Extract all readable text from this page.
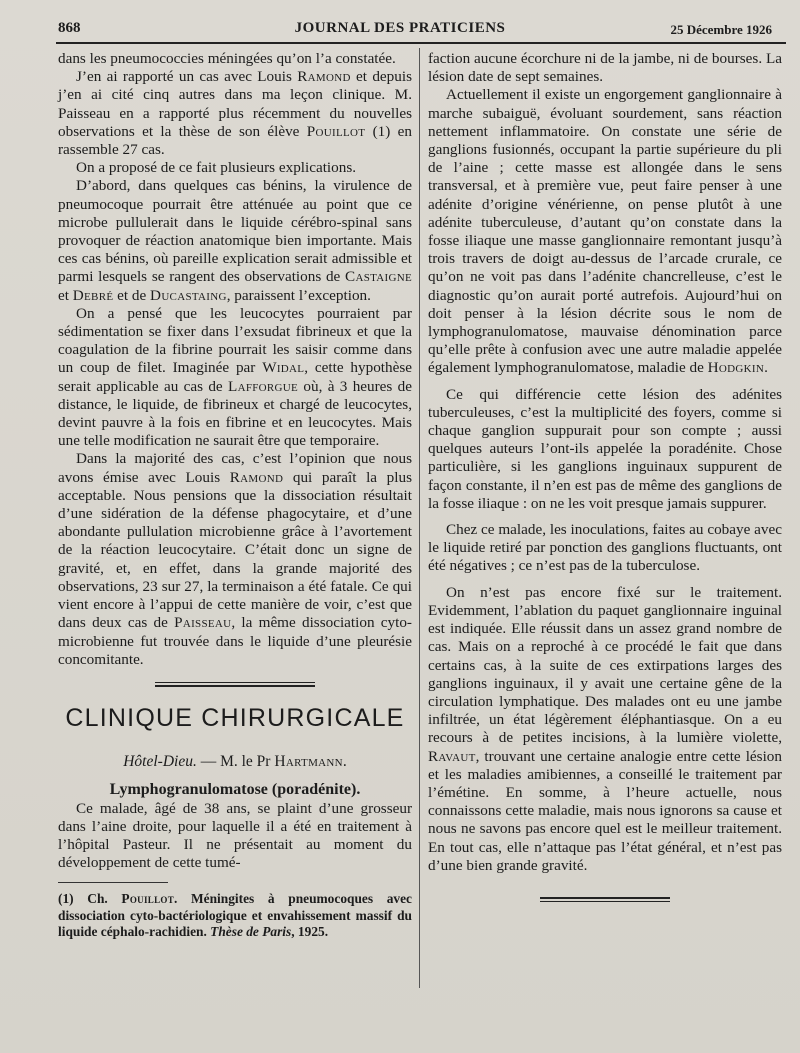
868	JOURNAL DES PRATICIENS	25 Décembre 1926

dans les pneumococcies méningées qu’on l’a constatée.

J’en ai rapporté un cas avec Louis Ramond et depuis j’en ai cité cinq autres dans ma leçon clinique. M. Paisseau en a rapporté plus récemment du nouvelles observations et la thèse de son élève Pouillot (1) en rassemble 27 cas.

On a proposé de ce fait plusieurs explications.

D’abord, dans quelques cas bénins, la virulence de pneumocoque pourrait être atténuée au point que ce microbe pullulerait dans le liquide cérébro-spinal sans provoquer de réaction anatomique bien importante. Mais ces cas bénins, où pareille explication serait admissible et parmi lesquels se rangent des observations de Castaigne et Debré et de Ducastaing, paraissent l’exception.

On a pensé que les leucocytes pourraient par sédimentation se fixer dans l’exsudat fibrineux et que la coagulation de la fibrine pourrait les saisir comme dans un coup de filet. Imaginée par Widal, cette hypothèse serait applicable au cas de Lafforgue où, à 3 heures de distance, le liquide, de fibrineux et chargé de leucocytes, devint pauvre à la fois en fibrine et en leucocytes. Mais une telle modification ne saurait être que temporaire.

Dans la majorité des cas, c’est l’opinion que nous avons émise avec Louis Ramond qui paraît la plus acceptable. Nous pensions que la dissociation résultait d’une sidération de la défense phagocytaire, et d’une abondante pullulation microbienne grâce à l’avortement de la réaction leucocytaire. C’était donc un signe de gravité, et, en effet, dans la grande majorité des observations, 23 sur 27, la terminaison a été fatale. Ce qui vient encore à l’appui de cette manière de voir, c’est que dans deux cas de Paisseau, la même dissociation cyto-microbienne fut trouvée dans le liquide d’une pleurésie concomitante.

CLINIQUE CHIRURGICALE
Hôtel-Dieu. — M. le Pr Hartmann.
Lymphogranulomatose (poradénite).

Ce malade, âgé de 38 ans, se plaint d’une grosseur dans l’aine droite, pour laquelle il a été en traitement à l’hôpital Pasteur. Il ne présentait au moment du développement de cette tumé-

(1) Ch. Pouillot. Méningites à pneumocoques avec dissociation cyto-bactériologique et envahissement massif du liquide céphalo-rachidien. Thèse de Paris, 1925.

faction aucune écorchure ni de la jambe, ni de bourses. La lésion date de sept semaines.

Actuellement il existe un engorgement ganglionnaire à marche subaiguë, évoluant sourdement, sans réaction nettement inflammatoire. On constate une série de ganglions fusionnés, occupant la partie supérieure du pli de l’aine ; cette masse est allongée dans le sens transversal, et à première vue, peut faire penser à une adénite d’origine vénérienne, on pense plutôt à une adénite tuberculeuse, d’autant qu’on constate dans la fosse iliaque une masse ganglionnaire remontant jusqu’à trois travers de doigt au-dessus de l’arcade crurale, ce qu’on ne voit pas dans l’adénite chancrelleuse, c’est le diagnostic qu’on aurait porté autrefois. Aujourd’hui on doit penser à la lésion décrite sous le nom de lymphogranulomatose, mauvaise dénomination parce qu’elle prête à confusion avec une autre maladie appelée également lymphogranulomatose, maladie de Hodgkin.

Ce qui différencie cette lésion des adénites tuberculeuses, c’est la multiplicité des foyers, comme si chaque ganglion suppurait pour son compte ; aussi quelques auteurs l’ont-ils appelée la poradénite. Chose particulière, si les ganglions inguinaux suppurent de façon constante, il n’en est pas de même des ganglions de la fosse iliaque : on ne les voit presque jamais suppurer.

Chez ce malade, les inoculations, faites au cobaye avec le liquide retiré par ponction des ganglions fluctuants, ont été négatives ; ce n’est pas de la tuberculose.

On n’est pas encore fixé sur le traitement. Evidemment, l’ablation du paquet ganglionnaire inguinal est indiquée. Elle réussit dans un assez grand nombre de cas. Mais on a reproché à ce procédé le fait que dans certains cas, à la suite de ces extirpations larges des ganglions inguinaux, il y avait une certaine gêne de la circulation lymphatique. Des malades ont eu une jambe infiltrée, un état légèrement éléphantiasque. On a eu recours à de petites incisions, à la lumière violette, Ravaut, trouvant une certaine analogie entre cette lésion et les maladies amibiennes, a conseillé le traitement par l’émétine. En somme, à l’heure actuelle, nous connaissons cette maladie, mais nous ignorons sa cause et nous ne savons pas encore quel est le meilleur traitement. En tout cas, elle n’attaque pas l’état général, et n’est pas d’une bien grande gravité.
